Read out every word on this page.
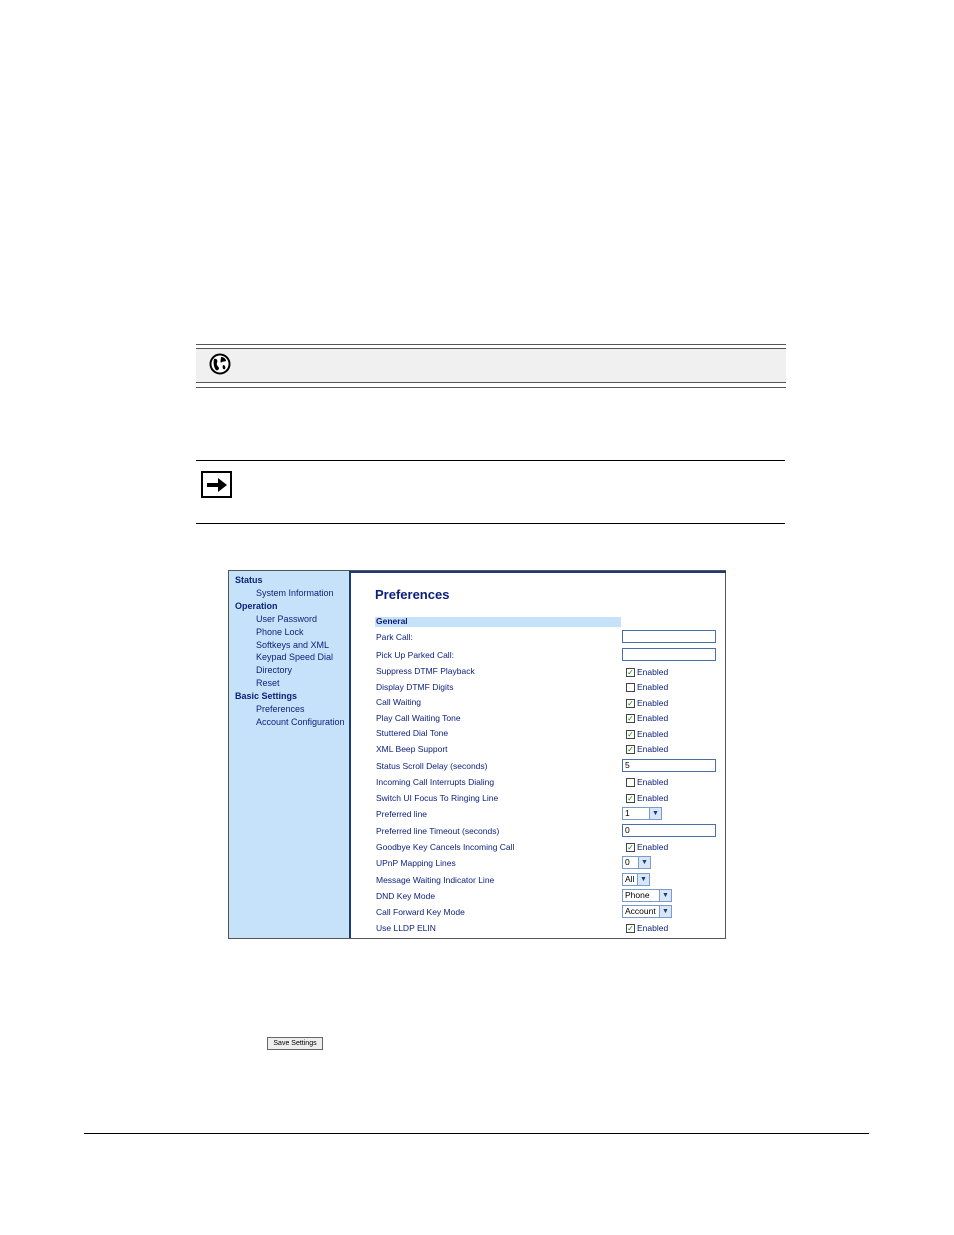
Status
System Information
Operation
User Password
Phone Lock
Softkeys and XML
Keypad Speed Dial
Directory
Reset
Basic Settings
Preferences
Account Configuration
Preferences
General
Park Call:
Pick Up Parked Call:
Suppress DTMF Playback	✓ Enabled
Display DTMF Digits	Enabled
Call Waiting	✓ Enabled
Play Call Waiting Tone	✓ Enabled
Stuttered Dial Tone	✓ Enabled
XML Beep Support	✓ Enabled
Status Scroll Delay (seconds)	5
Incoming Call Interrupts Dialing	Enabled
Switch UI Focus To Ringing Line	✓ Enabled
Preferred line	1	▼
Preferred line Timeout (seconds)	0
Goodbye Key Cancels Incoming Call	✓ Enabled
UPnP Mapping Lines	0	▼
Message Waiting Indicator Line	All ▼
DND Key Mode	Phone	▼
Call Forward Key Mode	Account ▼
Use LLDP ELIN	✓ Enabled
Save Settings
